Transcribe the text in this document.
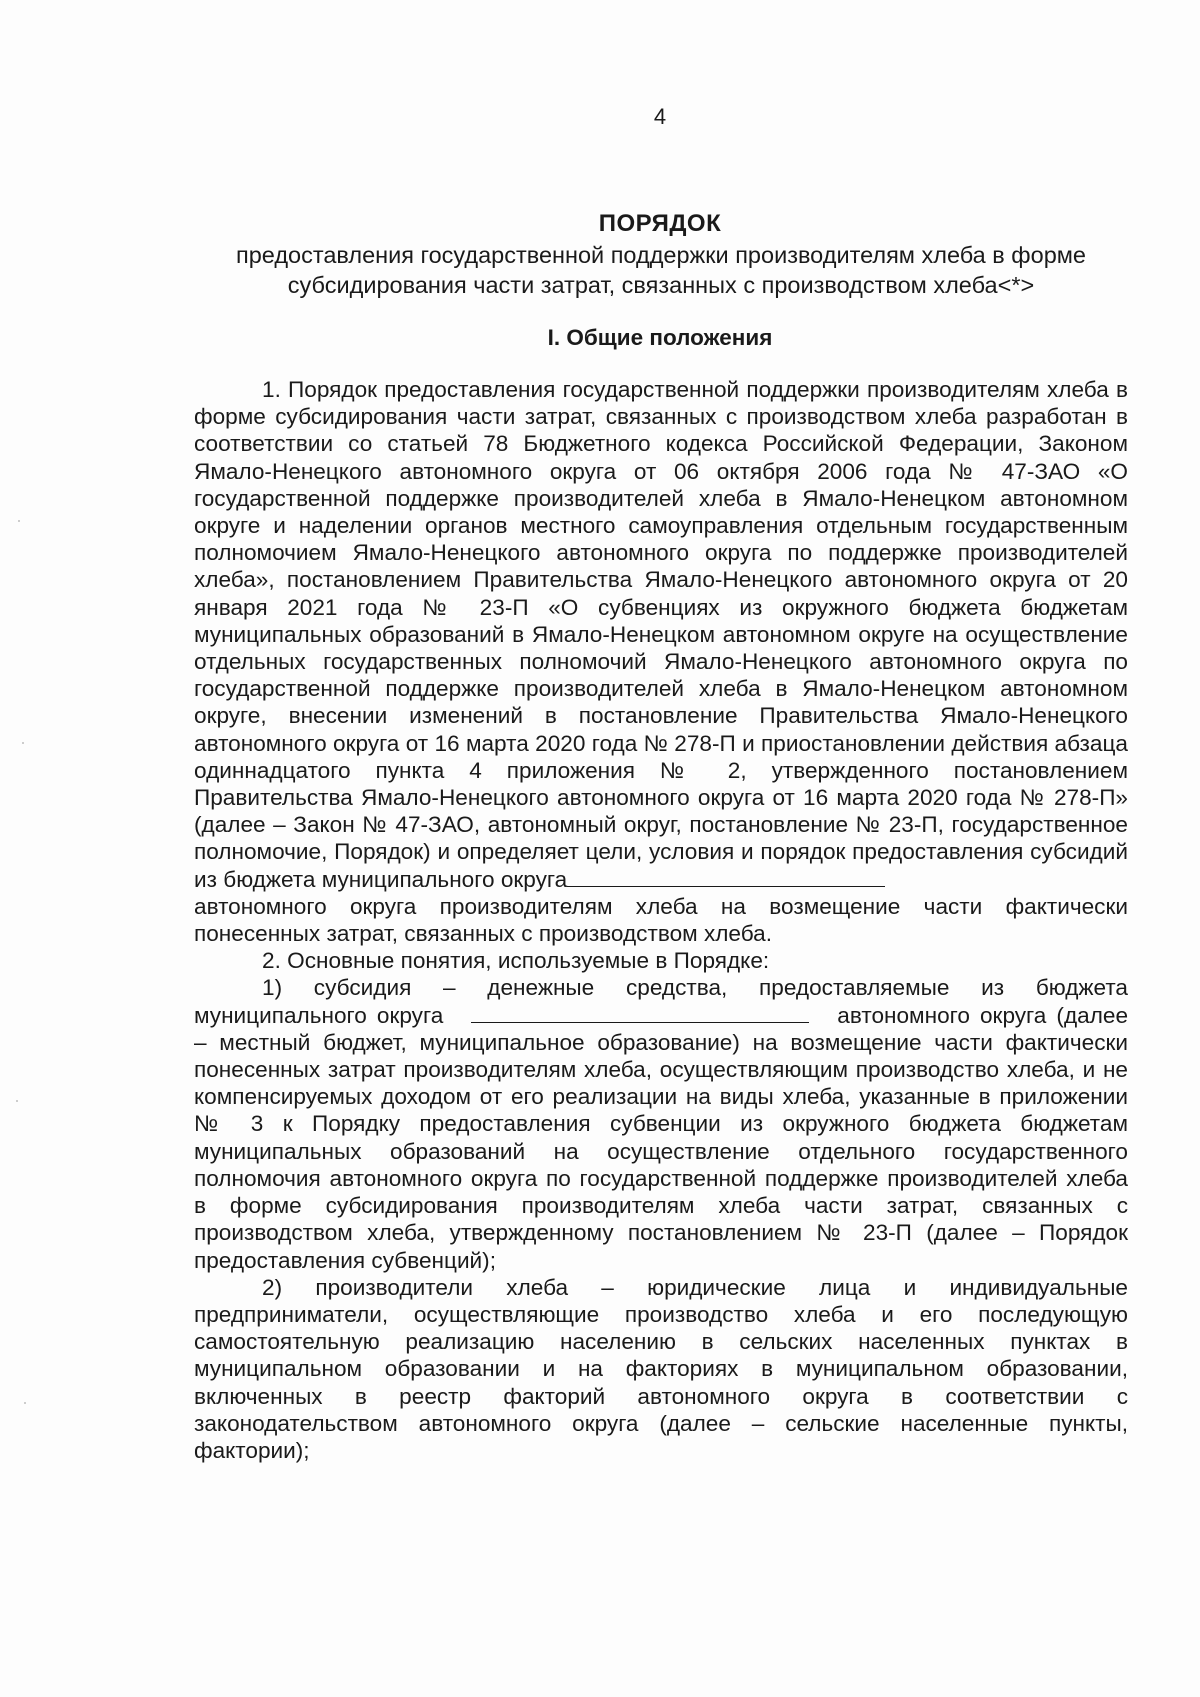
4
ПОРЯДОК
предоставления государственной поддержки производителям хлеба в форме субсидирования части затрат, связанных с производством хлеба<*>
I. Общие положения

1. Порядок предоставления государственной поддержки производителям хлеба в форме субсидирования части затрат, связанных с производством хлеба разработан в соответствии со статьей 78 Бюджетного кодекса Российской Федерации, Законом Ямало-Ненецкого автономного округа от 06 октября 2006 года № 47-ЗАО «О государственной поддержке производителей хлеба в Ямало-Ненецком автономном округе и наделении органов местного самоуправления отдельным государственным полномочием Ямало-Ненецкого автономного округа по поддержке производителей хлеба», постановлением Правительства Ямало-Ненецкого автономного округа от 20 января 2021 года № 23-П «О субвенциях из окружного бюджета бюджетам муниципальных образований в Ямало-Ненецком автономном округе на осуществление отдельных государственных полномочий Ямало-Ненецкого автономного округа по государственной поддержке производителей хлеба в Ямало-Ненецком автономном округе, внесении изменений в постановление Правительства Ямало-Ненецкого автономного округа от 16 марта 2020 года № 278-П и приостановлении действия абзаца одиннадцатого пункта 4 приложения № 2, утвержденного постановлением Правительства Ямало-Ненецкого автономного округа от 16 марта 2020 года № 278-П» (далее – Закон № 47-ЗАО, автономный округ, постановление № 23-П, государственное полномочие, Порядок) и определяет цели, условия и порядок предоставления субсидий из бюджета муниципального округа

автономного округа производителям хлеба на возмещение части фактически понесенных затрат, связанных с производством хлеба.

2. Основные понятия, используемые в Порядке:

1) субсидия – денежные средства, предоставляемые из бюджета муниципального округа	автономного округа (далее – местный бюджет, муниципальное образование) на возмещение части фактически понесенных затрат производителям хлеба, осуществляющим производство хлеба, и не компенсируемых доходом от его реализации на виды хлеба, указанные в приложении № 3 к Порядку предоставления субвенции из окружного бюджета бюджетам муниципальных образований на осуществление отдельного государственного полномочия автономного округа по государственной поддержке производителей хлеба в форме субсидирования производителям хлеба части затрат, связанных с производством хлеба, утвержденному постановлением № 23-П (далее – Порядок предоставления субвенций);

2) производители хлеба – юридические лица и индивидуальные предприниматели, осуществляющие производство хлеба и его последующую самостоятельную реализацию населению в сельских населенных пунктах в муниципальном образовании и на факториях в муниципальном образовании, включенных в реестр факторий автономного округа в соответствии с законодательством автономного округа (далее – сельские населенные пункты, фактории);
